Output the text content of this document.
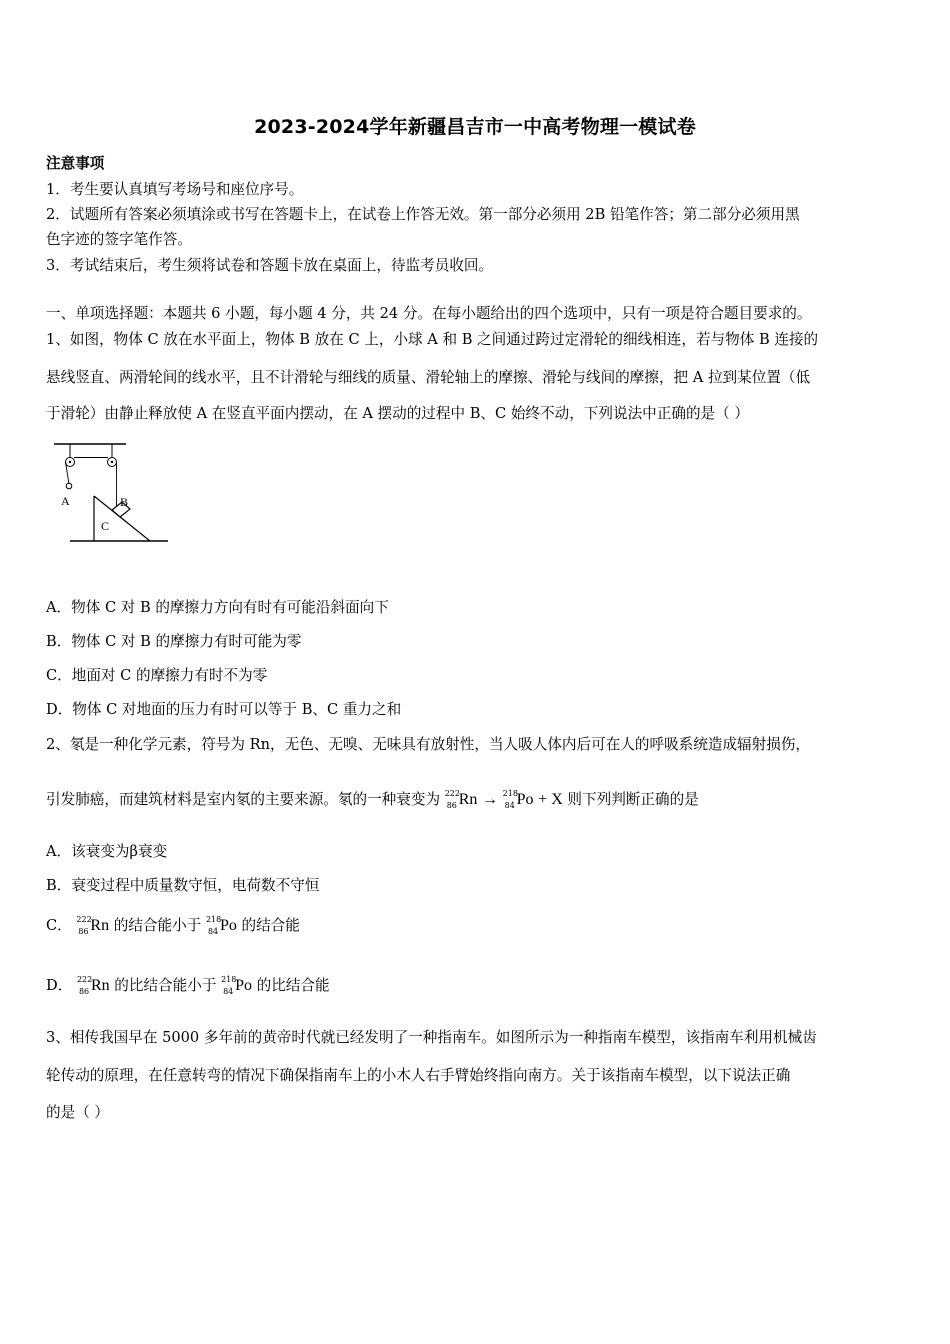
2023-2024学年新疆昌吉市一中高考物理一模试卷
注意事项
1．考生要认真填写考场号和座位序号。
2．试题所有答案必须填涂或书写在答题卡上，在试卷上作答无效。第一部分必须用 2B 铅笔作答；第二部分必须用黑
色字迹的签字笔作答。
3．考试结束后，考生须将试卷和答题卡放在桌面上，待监考员收回。
一、单项选择题：本题共 6 小题，每小题 4 分，共 24 分。在每小题给出的四个选项中，只有一项是符合题目要求的。
1、如图，物体 C 放在水平面上，物体 B 放在 C 上，小球 A 和 B 之间通过跨过定滑轮的细线相连，若与物体 B 连接的
悬线竖直、两滑轮间的线水平，且不计滑轮与细线的质量、滑轮轴上的摩擦、滑轮与线间的摩擦，把 A 拉到某位置（低
于滑轮）由静止释放使 A 在竖直平面内摆动，在 A 摆动的过程中 B、C 始终不动，下列说法中正确的是（ ）
A	B
C
A．物体 C 对 B 的摩擦力方向有时有可能沿斜面向下
B．物体 C 对 B 的摩擦力有时可能为零
C．地面对 C 的摩擦力有时不为零
D．物体 C 对地面的压力有时可以等于 B、C 重力之和
2、氡是一种化学元素，符号为 Rn，无色、无嗅、无味具有放射性，当人吸人体内后可在人的呼吸系统造成辐射损伤，
引发肺癌，而建筑材料是室内氡的主要来源。氡的一种衰变为 222
86 Rn → 218
84 Po + X 则下列判断正确的是
A．该衰变为β衰变
B．衰变过程中质量数守恒，电荷数不守恒
C． 222
86 Rn 的结合能小于 218
84 Po 的结合能
D． 222
86 Rn 的比结合能小于 218
84 Po 的比结合能
3、相传我国早在 5000 多年前的黄帝时代就已经发明了一种指南车。如图所示为一种指南车模型，该指南车利用机械齿
轮传动的原理，在任意转弯的情况下确保指南车上的小木人右手臂始终指向南方。关于该指南车模型，以下说法正确
的是（ ）
